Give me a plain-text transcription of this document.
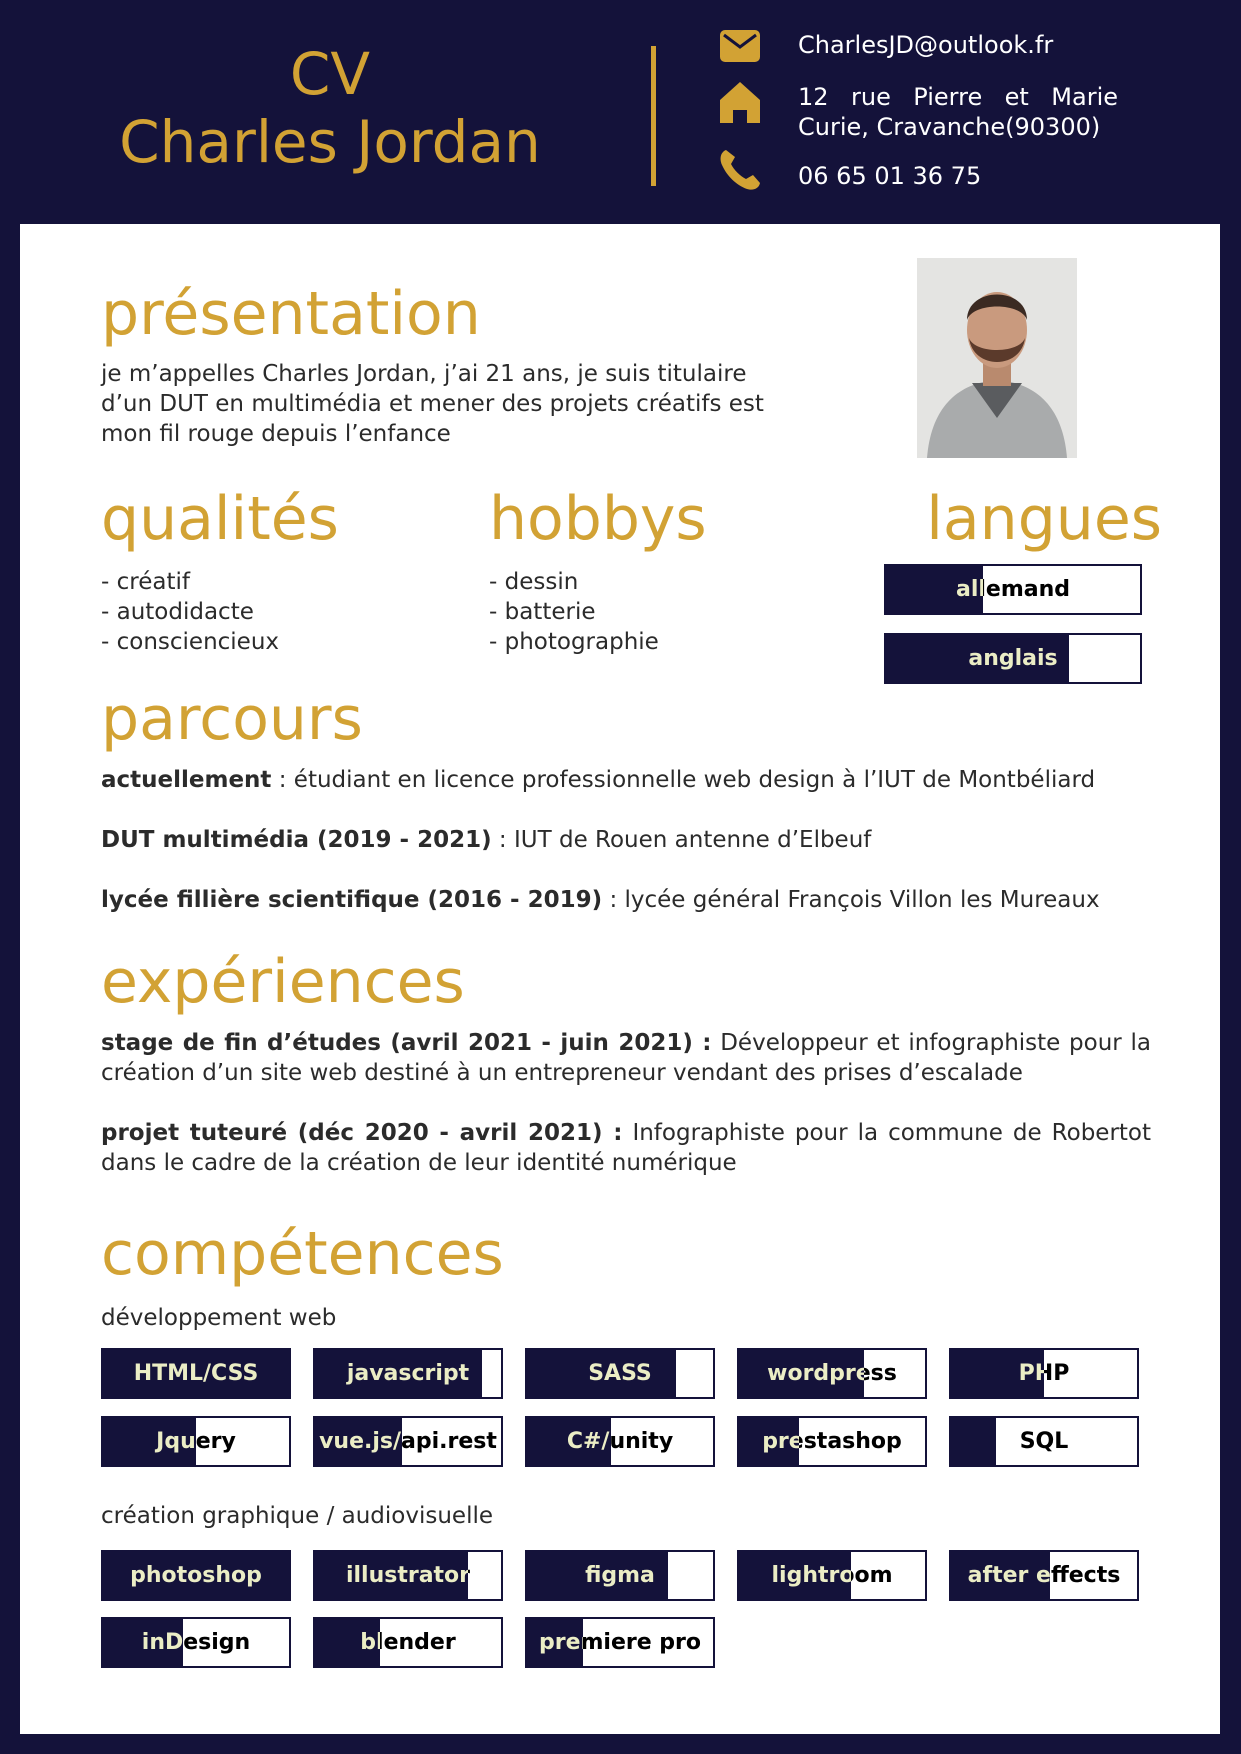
CV
Charles Jordan
CharlesJD@outlook.fr
12 rue Pierre et Marie Curie, Cravanche(90300)
06 65 01 36 75
présentation

je m’appelles Charles Jordan, j’ai 21 ans, je suis titulaire d’un DUT en multimédia et mener des projets créatifs est mon fil rouge depuis l’enfance

qualités
- créatif
- autodidacte
- consciencieux
hobbys
- dessin
- batterie
- photographie
langues
parcours

actuellement : étudiant en licence professionnelle web design à l’IUT de Montbéliard

DUT multimédia (2019 - 2021) : IUT de Rouen antenne d’Elbeuf

lycée fillière scientifique (2016 - 2019) : lycée général François Villon les Mureaux

expériences

stage de fin d’études (avril 2021 - juin 2021) : Développeur et infographiste pour la création d’un site web destiné à un entrepreneur vendant des prises d’escalade

projet tuteuré (déc 2020 - avril 2021) : Infographiste pour la commune de Robertot dans le cadre de la création de leur identité numérique

compétences

développement web

création graphique / audiovisuelle

allemand
anglais
HTML/CSS	javascript	SASS	wordpress	PHP
Jquery	vue.js/api.rest	C#/unity	prestashop	SQL
photoshop	illustrator	figma	lightroom	after effects
inDesign	blender	premiere pro
